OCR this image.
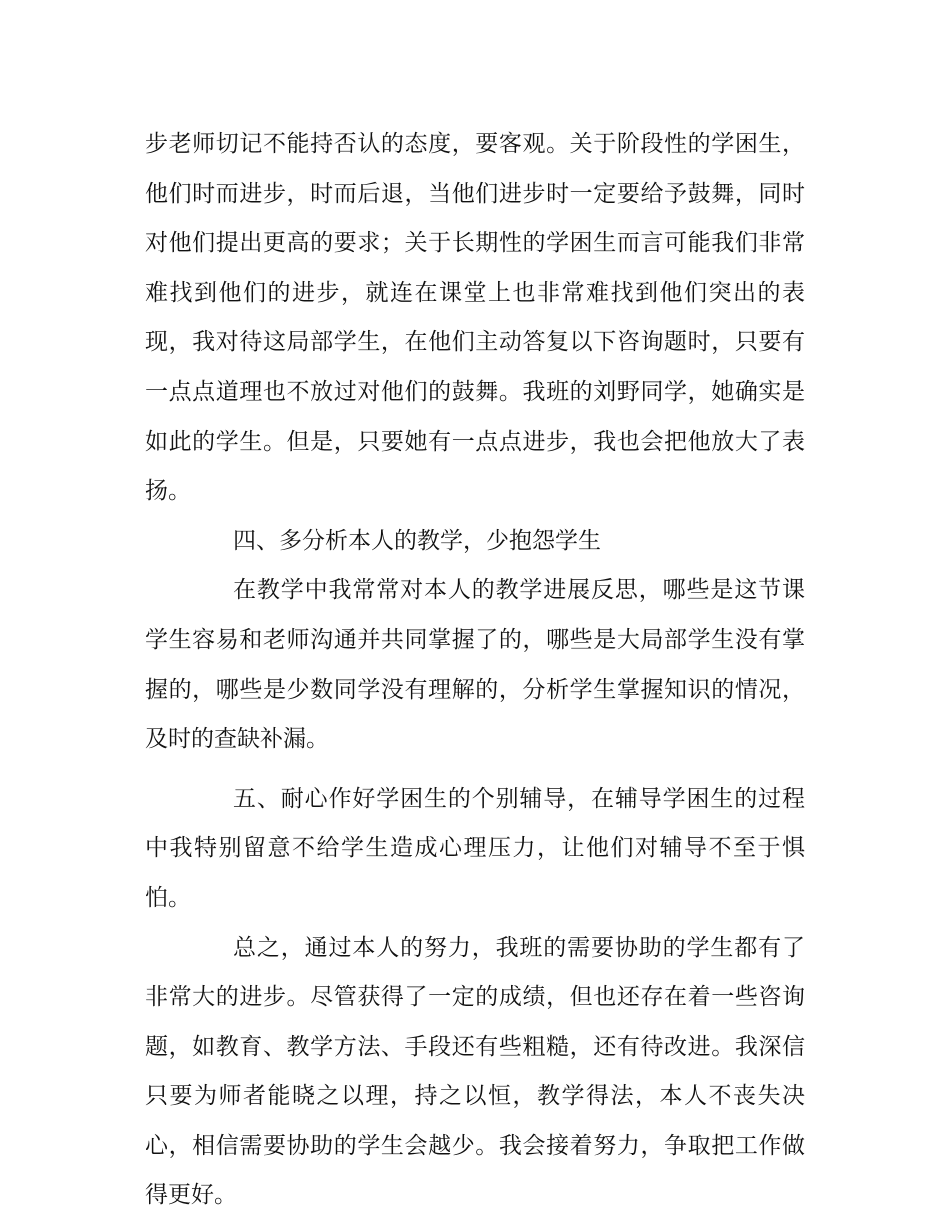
步老师切记不能持否认的态度，要客观。关于阶段性的学困生，他们时而进步，时而后退，当他们进步时一定要给予鼓舞，同时对他们提出更高的要求；关于长期性的学困生而言可能我们非常难找到他们的进步，就连在课堂上也非常难找到他们突出的表现，我对待这局部学生，在他们主动答复以下咨询题时，只要有一点点道理也不放过对他们的鼓舞。我班的刘野同学，她确实是如此的学生。但是，只要她有一点点进步，我也会把他放大了表扬。

四、多分析本人的教学，少抱怨学生

在教学中我常常对本人的教学进展反思，哪些是这节课学生容易和老师沟通并共同掌握了的，哪些是大局部学生没有掌握的，哪些是少数同学没有理解的，分析学生掌握知识的情况，及时的查缺补漏。

五、耐心作好学困生的个别辅导，在辅导学困生的过程中我特别留意不给学生造成心理压力，让他们对辅导不至于惧怕。

总之，通过本人的努力，我班的需要协助的学生都有了非常大的进步。尽管获得了一定的成绩，但也还存在着一些咨询题，如教育、教学方法、手段还有些粗糙，还有待改进。我深信只要为师者能晓之以理，持之以恒，教学得法，本人不丧失决心，相信需要协助的学生会越少。我会接着努力，争取把工作做得更好。
